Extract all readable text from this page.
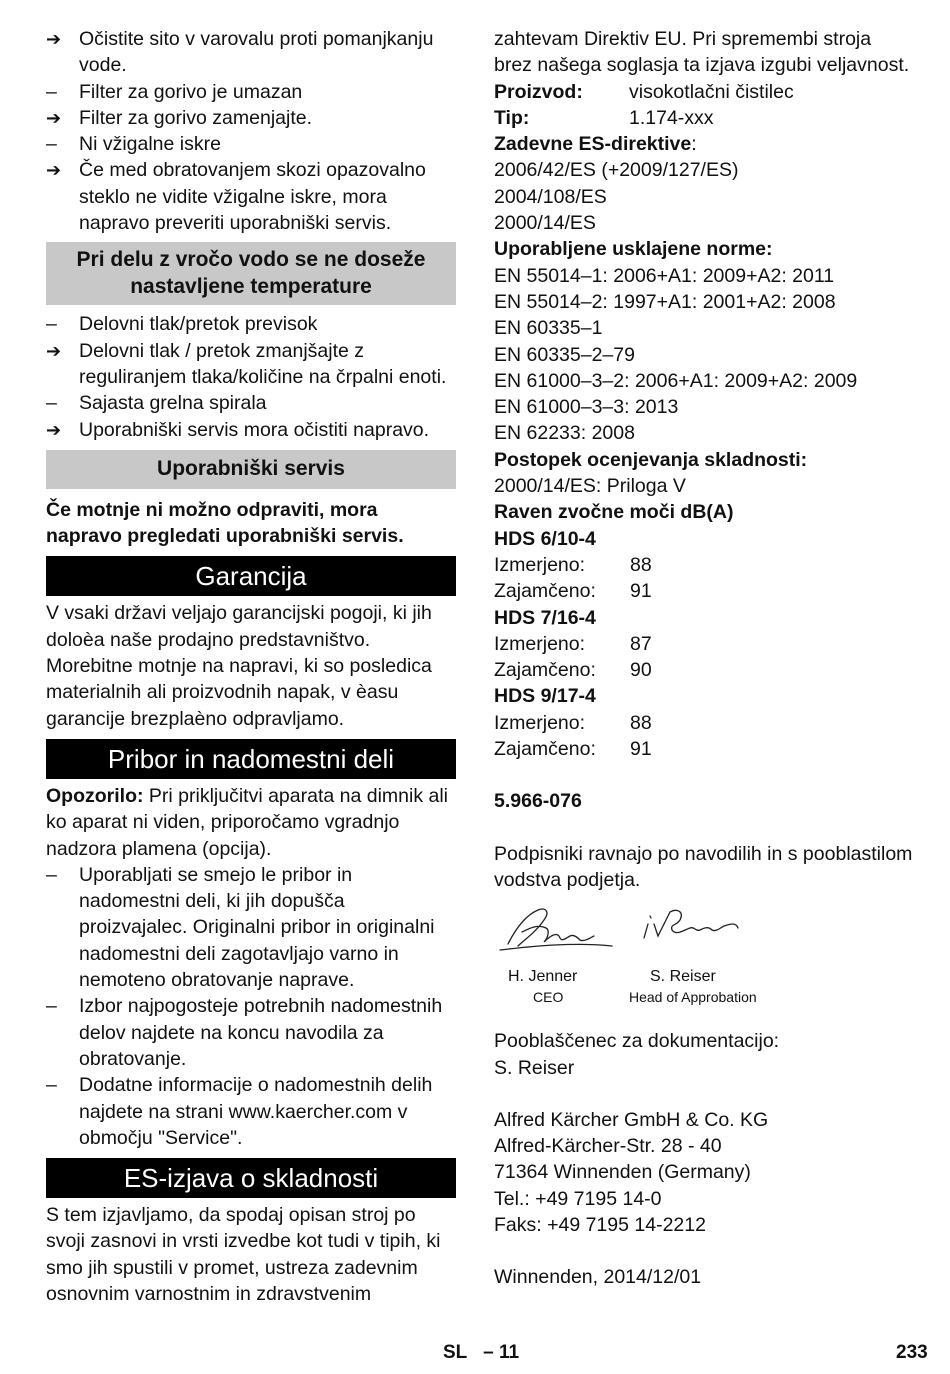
➔ Očistite sito v varovalu proti pomanjkanju vode.
–	Filter za gorivo je umazan
➔ Filter za gorivo zamenjajte.
–	Ni vžigalne iskre
➔ Če med obratovanjem skozi opazovalno steklo ne vidite vžigalne iskre, mora napravo preveriti uporabniški servis.
Pri delu z vročo vodo se ne doseže nastavljene temperature
–	Delovni tlak/pretok previsok
➔ Delovni tlak / pretok zmanjšajte z reguliranjem tlaka/količine na črpalni enoti.
–	Sajasta grelna spirala
➔ Uporabniški servis mora očistiti napravo.
Uporabniški servis
Če motnje ni možno odpraviti, mora napravo pregledati uporabniški servis.
Garancija
V vsaki državi veljajo garancijski pogoji, ki jih doloèa naše prodajno predstavništvo. Morebitne motnje na napravi, ki so posledica materialnih ali proizvodnih napak, v èasu garancije brezplaèno odpravljamo.
Pribor in nadomestni deli
Opozorilo: Pri priključitvi aparata na dimnik ali ko aparat ni viden, priporočamo vgradnjo nadzora plamena (opcija).
–	Uporabljati se smejo le pribor in nadomestni deli, ki jih dopušča proizvajalec. Originalni pribor in originalni nadomestni deli zagotavljajo varno in nemoteno obratovanje naprave.
–	Izbor najpogosteje potrebnih nadomestnih delov najdete na koncu navodila za obratovanje.
–	Dodatne informacije o nadomestnih delih najdete na strani www.kaercher.com v območju "Service".
ES-izjava o skladnosti
S tem izjavljamo, da spodaj opisan stroj po svoji zasnovi in vrsti izvedbe kot tudi v tipih, ki smo jih spustili v promet, ustreza zadevnim osnovnim varnostnim in zdravstvenim
zahtevam Direktiv EU. Pri spremembi stroja brez našega soglasja ta izjava izgubi veljavnost.
Proizvod:	visokotlačni čistilec
Tip:	1.174-xxx
Zadevne ES-direktive:
2006/42/ES (+2009/127/ES)
2004/108/ES
2000/14/ES
Uporabljene usklajene norme:
EN 55014–1: 2006+A1: 2009+A2: 2011
EN 55014–2: 1997+A1: 2001+A2: 2008
EN 60335–1
EN 60335–2–79
EN 61000–3–2: 2006+A1: 2009+A2: 2009
EN 61000–3–3: 2013
EN 62233: 2008
Postopek ocenjevanja skladnosti:
2000/14/ES: Priloga V
Raven zvočne moči dB(A)
HDS 6/10-4
Izmerjeno:	88
Zajamčeno:	91
HDS 7/16-4
Izmerjeno:	87
Zajamčeno:	90
HDS 9/17-4
Izmerjeno:	88
Zajamčeno:	91
5.966-076
Podpisniki ravnajo po navodilih in s pooblastilom vodstva podjetja.
H. Jenner
CEO
S. Reiser
Head of Approbation
Pooblaščenec za dokumentacijo:
S. Reiser
Alfred Kärcher GmbH & Co. KG
Alfred-Kärcher-Str. 28 - 40
71364 Winnenden (Germany)
Tel.: +49 7195 14-0
Faks: +49 7195 14-2212
Winnenden, 2014/12/01
SL – 11	233
